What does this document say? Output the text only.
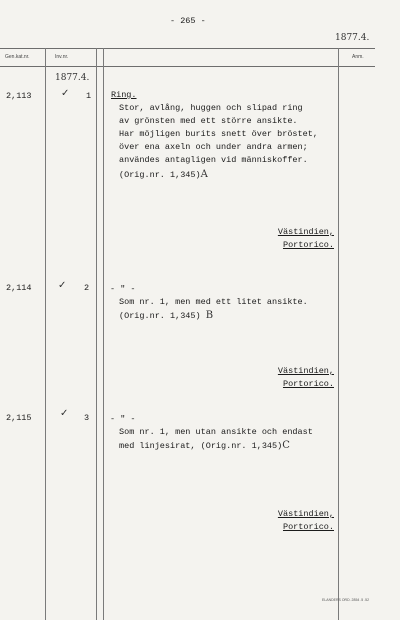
- 265 -
1877.4.
Gen.kat.nr.	Inv.nr.	Anm.
1877.4.
2,113	✓ 1 Ring.
Stor, avlång, huggen och slipad ring
av grönsten med ett större ansikte.
Har möjligen burits snett över bröstet,
över ena axeln och under andra armen;
användes antagligen vid människoffer.
(Orig.nr. 1,345)A
Västindien,
Portorico.
2,114	✓ 2 - " -
Som nr. 1, men med ett litet ansikte.
(Orig.nr. 1,345) B
Västindien,
Portorico.
2,115	✓ 3 - " -
Som nr. 1, men utan ansikte och endast
med linjesirat, (Orig.nr. 1,345)C
Västindien,
Portorico.
ELANDERS ORD. 2854 .5 .52
